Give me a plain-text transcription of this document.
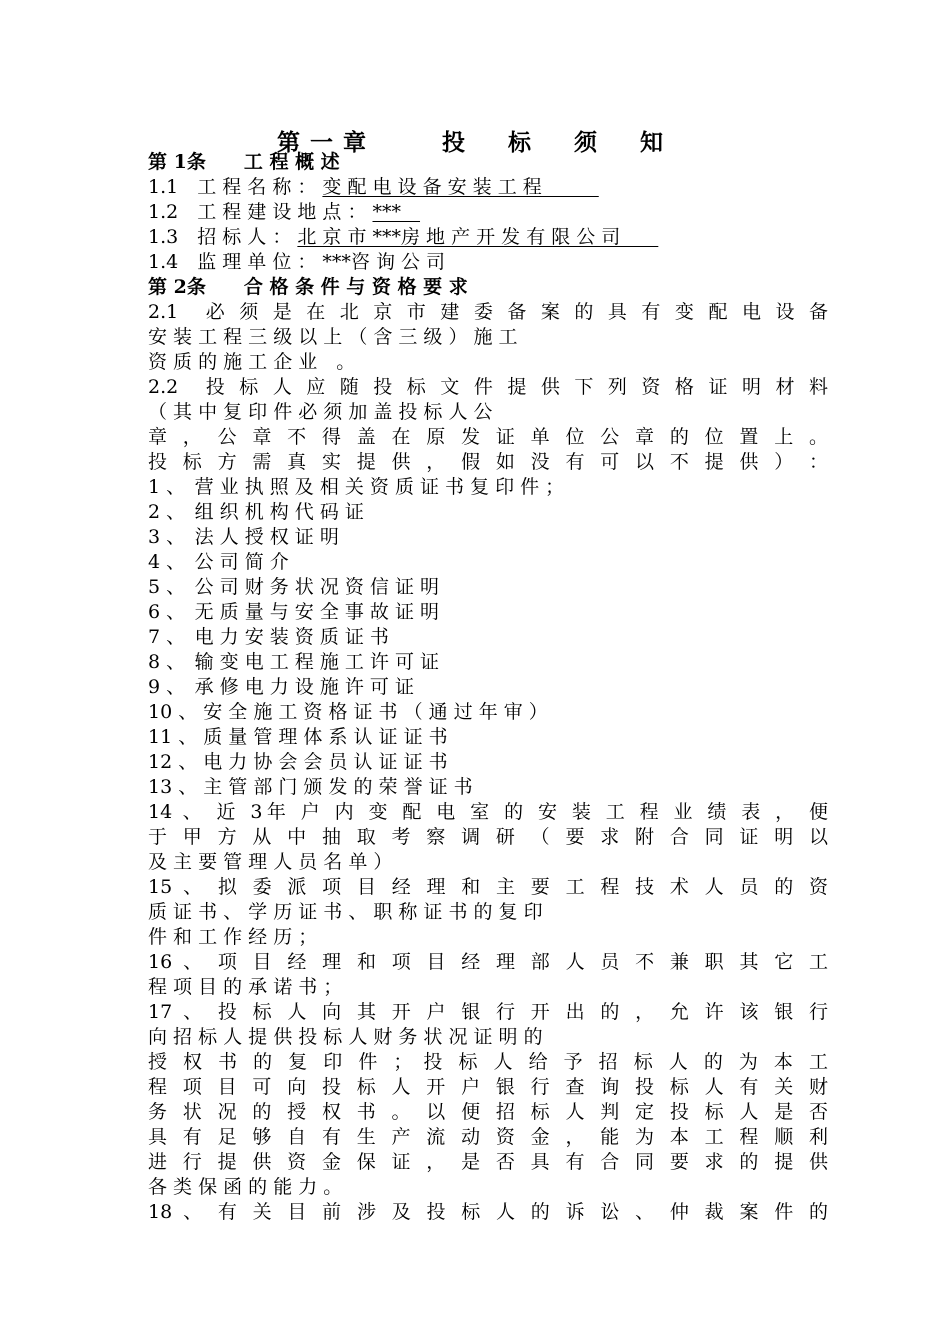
第一章　　投　标　须　知
第 1条　　工 程 概 述
1.1　工 程 名 称 ： 变 配 电 设 备 安 装 工 程　　　
1.2　工 程 建 设 地 点 ： ***　
1.3　招 标 人 ： 北 京 市 ***房 地 产 开 发 有 限 公 司　　
1.4　监 理 单 位 ： ***咨 询 公 司
第 2条　　合 格 条 件 与 资 格 要 求
2.1　必 须 是 在 北 京 市 建 委 备 案 的 具 有 变 配 电 设 备
安 装 工 程 三 级 以 上 （ 含 三 级 ） 施 工
资 质 的 施 工 企 业　。
2.2　投 标 人 应 随 投 标 文 件 提 供 下 列 资 格 证 明 材 料
（ 其 中 复 印 件 必 须 加 盖 投 标 人 公
章 ， 公 章 不 得 盖 在 原 发 证 单 位 公 章 的 位 置 上 。
投 标 方 需 真 实 提 供 ， 假 如 没 有 可 以 不 提 供 ） ：
1 、　营 业 执 照 及 相 关 资 质 证 书 复 印 件 ；
2 、　组 织 机 构 代 码 证
3 、　法 人 授 权 证 明
4 、　公 司 简 介
5 、　公 司 财 务 状 况 资 信 证 明
6 、　无 质 量 与 安 全 事 故 证 明
7 、　电 力 安 装 资 质 证 书
8 、　输 变 电 工 程 施 工 许 可 证
9 、　承 修 电 力 设 施 许 可 证
10 、 安 全 施 工 资 格 证 书 （ 通 过 年 审 ）
11 、 质 量 管 理 体 系 认 证 证 书
12 、 电 力 协 会 会 员 认 证 证 书
13 、 主 管 部 门 颁 发 的 荣 誉 证 书
14 、 近 3年 户 内 变 配 电 室 的 安 装 工 程 业 绩 表 ， 便
于 甲 方 从 中 抽 取 考 察 调 研 （ 要 求 附 合 同 证 明 以
及 主 要 管 理 人 员 名 单 ）
15 、 拟 委 派 项 目 经 理 和 主 要 工 程 技 术 人 员 的 资
质 证 书 、 学 历 证 书 、 职 称 证 书 的 复 印
件 和 工 作 经 历 ；
16 、 项 目 经 理 和 项 目 经 理 部 人 员 不 兼 职 其 它 工
程 项 目 的 承 诺 书 ；
17 、 投 标 人 向 其 开 户 银 行 开 出 的 ， 允 许 该 银 行
向 招 标 人 提 供 投 标 人 财 务 状 况 证 明 的
授 权 书 的 复 印 件 ； 投 标 人 给 予 招 标 人 的 为 本 工
程 项 目 可 向 投 标 人 开 户 银 行 查 询 投 标 人 有 关 财
务 状 况 的 授 权 书 。 以 便 招 标 人 判 定 投 标 人 是 否
具 有 足 够 自 有 生 产 流 动 资 金 ， 能 为 本 工 程 顺 利
进 行 提 供 资 金 保 证 ， 是 否 具 有 合 同 要 求 的 提 供
各 类 保 函 的 能 力 。
18 、 有 关 目 前 涉 及 投 标 人 的 诉 讼 、 仲 裁 案 件 的
